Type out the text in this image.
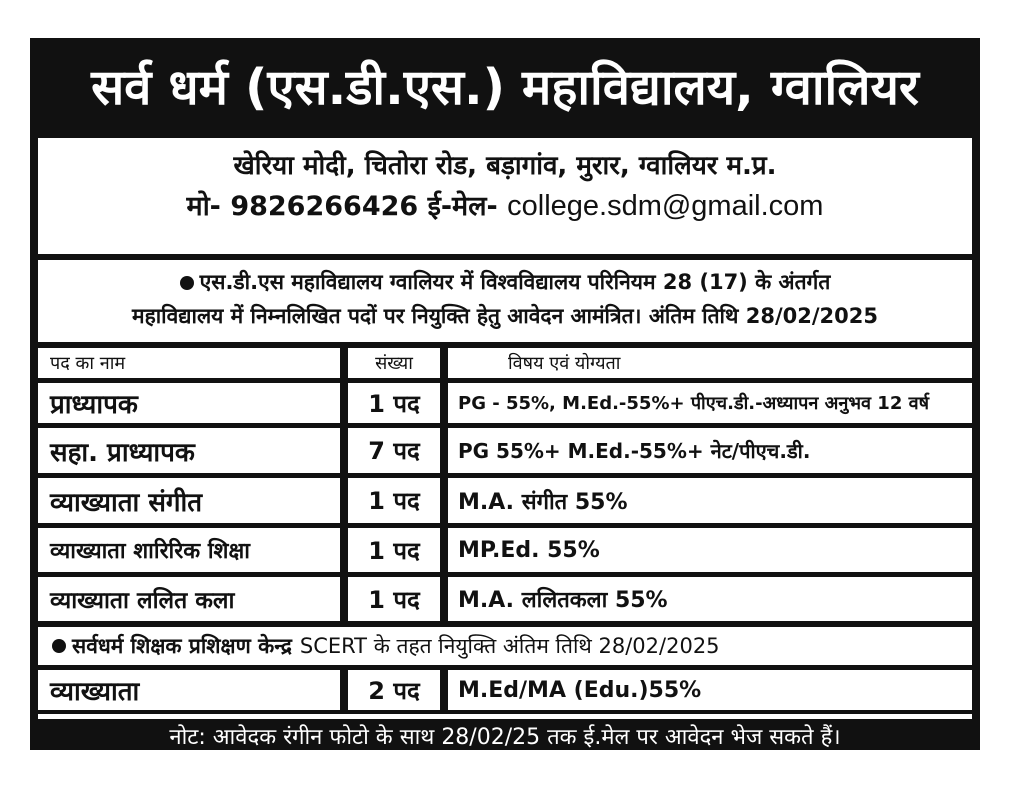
सर्व धर्म (एस.डी.एस.) महाविद्यालय, ग्वालियर
खेरिया मोदी, चितोरा रोड, बड़ागांव, मुरार, ग्वालियर म.प्र.
मो- 9826266426 ई-मेल- college.sdm@gmail.com
एस.डी.एस महाविद्यालय ग्वालियर में विश्वविद्यालय परिनियम 28 (17) के अंतर्गत
महाविद्यालय में निम्नलिखित पदों पर नियुक्ति हेतु आवेदन आमंत्रित। अंतिम तिथि 28/02/2025
पद का नाम	संख्या	विषय एवं योग्यता
प्राध्यापक	1 पद	PG - 55%, M.Ed.-55%+ पीएच.डी.-अध्यापन अनुभव 12 वर्ष
सहा. प्राध्यापक	7 पद	PG 55%+ M.Ed.-55%+ नेट/पीएच.डी.
व्याख्याता संगीत	1 पद	M.A. संगीत 55%
व्याख्याता शारिरिक शिक्षा	1 पद	MP.Ed. 55%
व्याख्याता ललित कला	1 पद	M.A. ललितकला 55%
सर्वधर्म शिक्षक प्रशिक्षण केन्द्र SCERT के तहत नियुक्ति अंतिम तिथि 28/02/2025
व्याख्याता	2 पद	M.Ed/MA (Edu.)55%
नोट: आवेदक रंगीन फोटो के साथ 28/02/25 तक ई.मेल पर आवेदन भेज सकते हैं।
